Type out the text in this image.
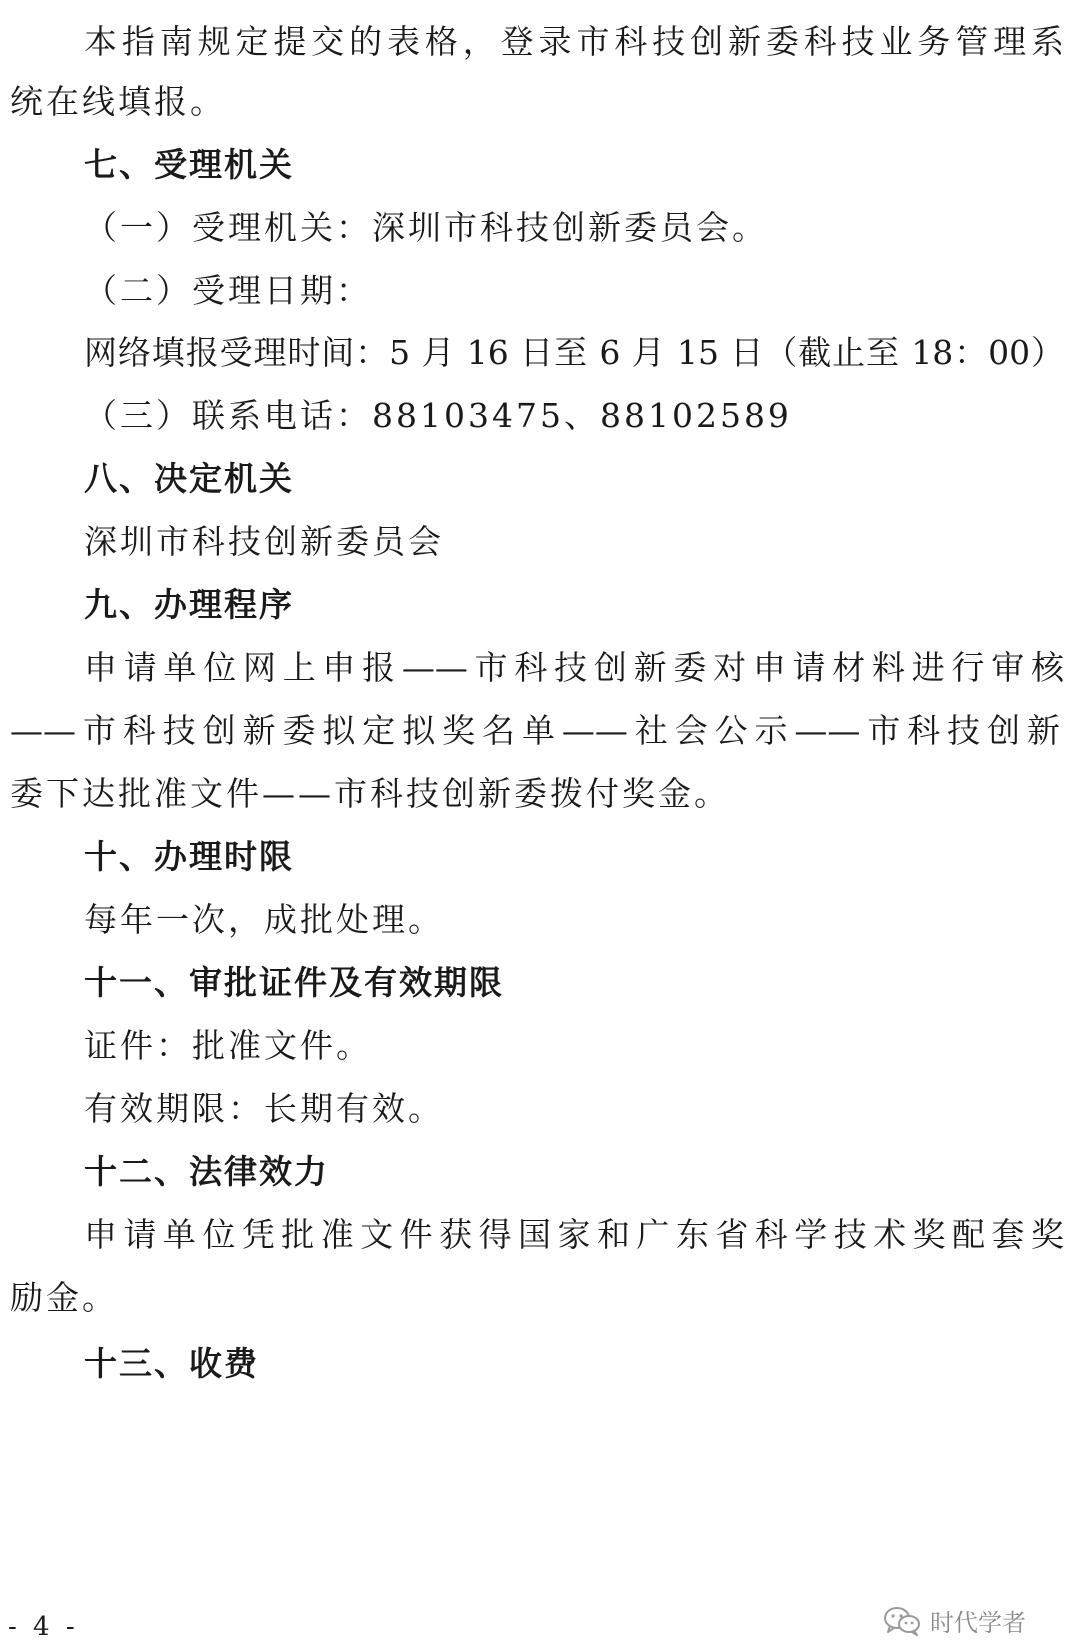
本指南规定提交的表格，登录市科技创新委科技业务管理系
统在线填报。
七、受理机关
（一）受理机关：深圳市科技创新委员会。
（二）受理日期：
网络填报受理时间：5 月 16 日至 6 月 15 日（截止至 18：00）
（三）联系电话：88103475、88102589
八、决定机关
深圳市科技创新委员会
九、办理程序
申请单位网上申报——市科技创新委对申请材料进行审核
——市科技创新委拟定拟奖名单——社会公示——市科技创新
委下达批准文件——市科技创新委拨付奖金。
十、办理时限
每年一次，成批处理。
十一、审批证件及有效期限
证件：批准文件。
有效期限：长期有效。
十二、法律效力
申请单位凭批准文件获得国家和广东省科学技术奖配套奖
励金。
十三、收费
- 4 -	时代学者
